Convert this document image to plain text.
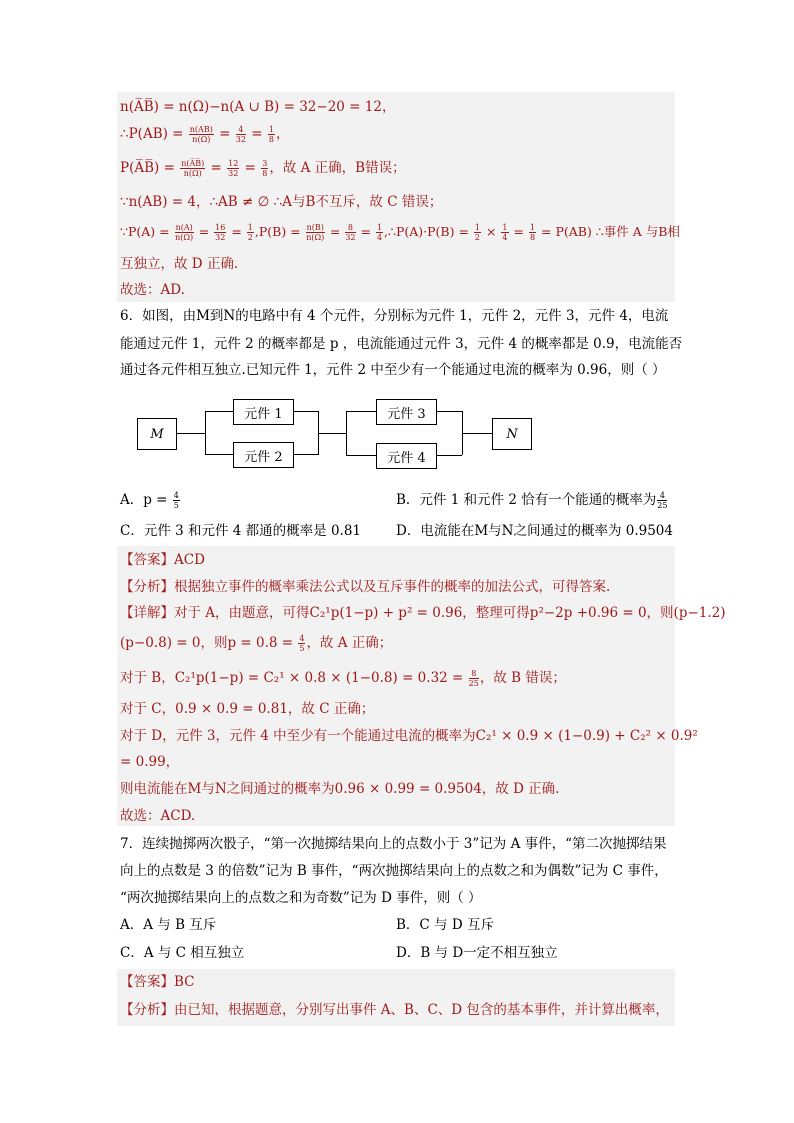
n(A̅B̅) = n(Ω)−n(A ∪ B) = 32−20 = 12，
∴P(AB) = $\frac{n(AB)}{n(\Omega)} = \frac{4}{32} = \frac{1}{8}$ ，
P(A̅B̅) = $\frac{n(A̅B̅)}{n(\Omega)} = \frac{12}{32} = \frac{3}{8}$ ，故 A 正确，B错误；
∵n(AB) = 4，∴AB ≠ ∅ ∴A与B不互斥，故 C 错误；
∵P(A) = $\frac{n(A)}{n(\Omega)} = \frac{16}{32} = \frac{1}{2} ,P(B) = \frac{n(B)}{n(\Omega)} = \frac{8}{32} = \frac{1}{4}$ ,∴P(A)·P(B) = $\frac{1}{2} \times \frac{1}{4} = \frac{1}{8} = P(AB)$ ∴事件 A 与B相
互独立，故 D 正确.
故选：AD.
6．如图，由M到N的电路中有 4 个元件，分别标为元件 1，元件 2，元件 3，元件 4，电流
能通过元件 1，元件 2 的概率都是 p ，电流能通过元件 3，元件 4 的概率都是 0.9，电流能否
通过各元件相互独立.已知元件 1，元件 2 中至少有一个能通过电流的概率为 0.96，则（ ）
M
元件 1
元件 2
元件 3
元件 4
N
A．$p = \frac{4}{5}$	B．元件 1 和元件 2 恰有一个能通的概率为 $\frac{4}{25}$
C．元件 3 和元件 4 都通的概率是 0.81	D．电流能在M与N之间通过的概率为 0.9504
【答案】ACD
【分析】根据独立事件的概率乘法公式以及互斥事件的概率的加法公式，可得答案.
【详解】对于 A，由题意，可得C₂¹p(1−p) + p² = 0.96，整理可得p²−2p +0.96 = 0，则(p−1.2)
(p−0.8) = 0，则$p = 0.8 = \frac{4}{5}$ ，故 A 正确；
对于 B，$C_2^1p(1-p) = C_2^1 \times 0.8 \times (1-0.8) = 0.32 = \frac{8}{25}$ ，故 B 错误；
对于 C，0.9 × 0.9 = 0.81，故 C 正确；
对于 D，元件 3，元件 4 中至少有一个能通过电流的概率为C₂¹ × 0.9 × (1−0.9) + C₂² × 0.9²
= 0.99，
则电流能在M与N之间通过的概率为0.96 × 0.99 = 0.9504，故 D 正确.
故选：ACD.
7．连续抛掷两次骰子，“第一次抛掷结果向上的点数小于 3”记为 A 事件，“第二次抛掷结果
向上的点数是 3 的倍数”记为 B 事件，“两次抛掷结果向上的点数之和为偶数”记为 C 事件，
“两次抛掷结果向上的点数之和为奇数”记为 D 事件，则（ ）
A．A 与 B 互斥	B．C 与 D 互斥
C．A 与 C 相互独立	D．B 与 D一定不相互独立
【答案】BC
【分析】由已知，根据题意，分别写出事件 A、B、C、D 包含的基本事件，并计算出概率，
